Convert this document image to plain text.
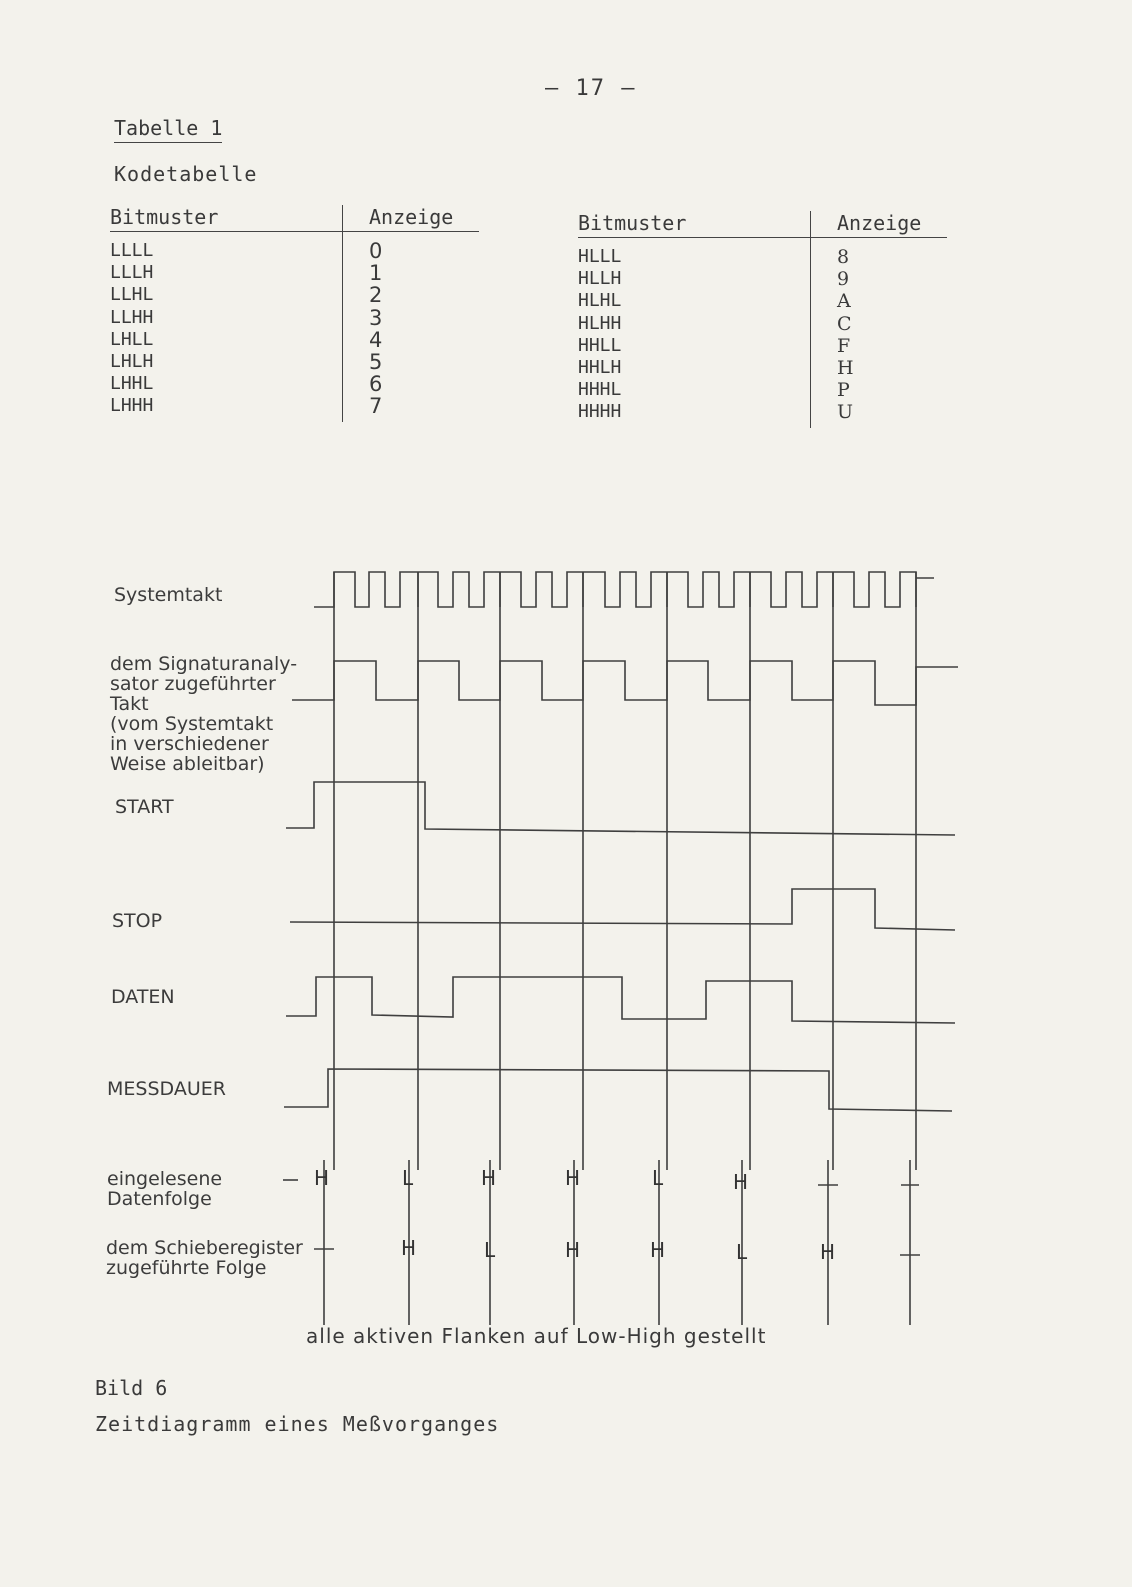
– 17 –
Tabelle 1
Kodetabelle
Bitmuster	Anzeige
LLLL	0
LLLH	1
LLHL	2
LLHH	3
LHLL	4
LHLH	5
LHHL	6
LHHH	7
Bitmuster	Anzeige
HLLL	8
HLLH	9
HLHL	A
HLHH	C
HHLL	F
HHLH	H
HHHL	P
HHHH	U
Systemtakt
dem Signaturanaly-
sator zugeführter
Takt
(vom Systemtakt
in verschiedener
Weise ableitbar)
START
STOP
DATEN
MESSDAUER
eingelesene
Datenfolge
dem Schieberegister
zugeführte Folge
H	L	H	H	L	H
H	L	H	H	L	H
alle aktiven Flanken auf Low-High gestellt
Bild 6
Zeitdiagramm eines Meßvorganges
